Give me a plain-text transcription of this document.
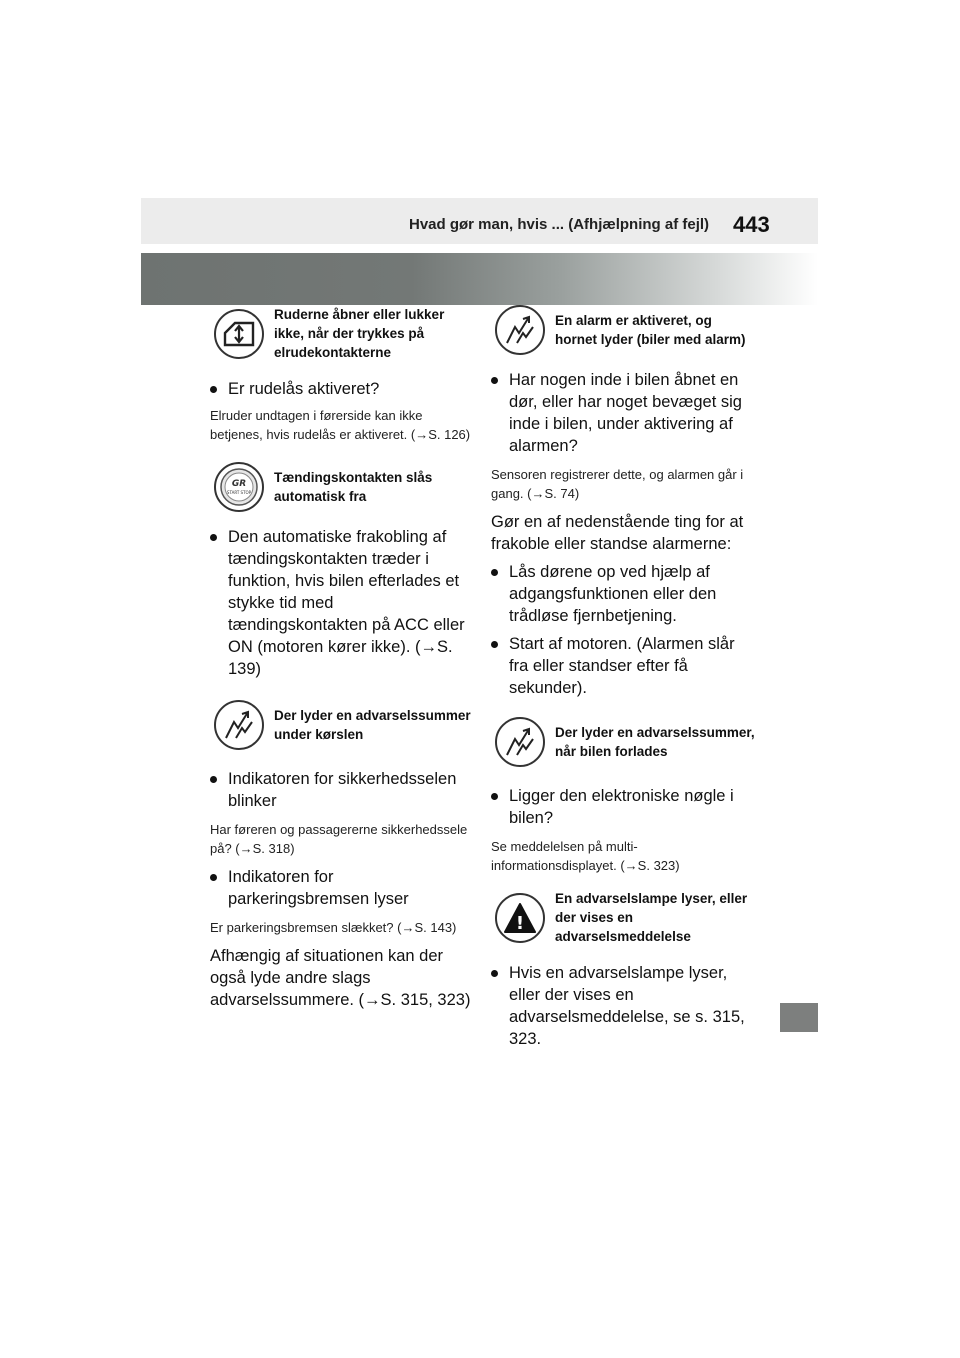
Hvad gør man, hvis ... (Afhjælpning af fejl) 443
Ruderne åbner eller lukker ikke, når der trykkes på elrudekontakterne
Er rudelås aktiveret?
Elruder undtagen i førerside kan ikke betjenes, hvis rudelås er aktiveret. (→S. 126)
GR
START STOP
Tændingskontakten slås automatisk fra
Den automatiske frakobling af tændingskontakten træder i funktion, hvis bilen efterlades et stykke tid med tændingskontakten på ACC eller ON (motoren kører ikke). (→S. 139)
Der lyder en advarselssummer under kørslen
Indikatoren for sikkerhedsselen blinker
Har føreren og passagererne sikkerhedssele på? (→S. 318)
Indikatoren for parkeringsbremsen lyser
Er parkeringsbremsen slækket? (→S. 143)
Afhængig af situationen kan der også lyde andre slags advarselssummere. (→S. 315, 323)
En alarm er aktiveret, og hornet lyder (biler med alarm)
Har nogen inde i bilen åbnet en dør, eller har noget bevæget sig inde i bilen, under aktivering af alarmen?
Sensoren registrerer dette, og alarmen går i gang. (→S. 74)
Gør en af nedenstående ting for at frakoble eller standse alarmerne:
Lås dørene op ved hjælp af adgangsfunktionen eller den trådløse fjernbetjening.
Start af motoren. (Alarmen slår fra eller standser efter få sekunder).
Der lyder en advarselssummer, når bilen forlades
Ligger den elektroniske nøgle i bilen?
Se meddelelsen på multi-informationsdisplayet. (→S. 323)
!
En advarselslampe lyser, eller der vises en advarselsmeddelelse
Hvis en advarselslampe lyser, eller der vises en advarselsmeddelelse, se s. 315, 323.
